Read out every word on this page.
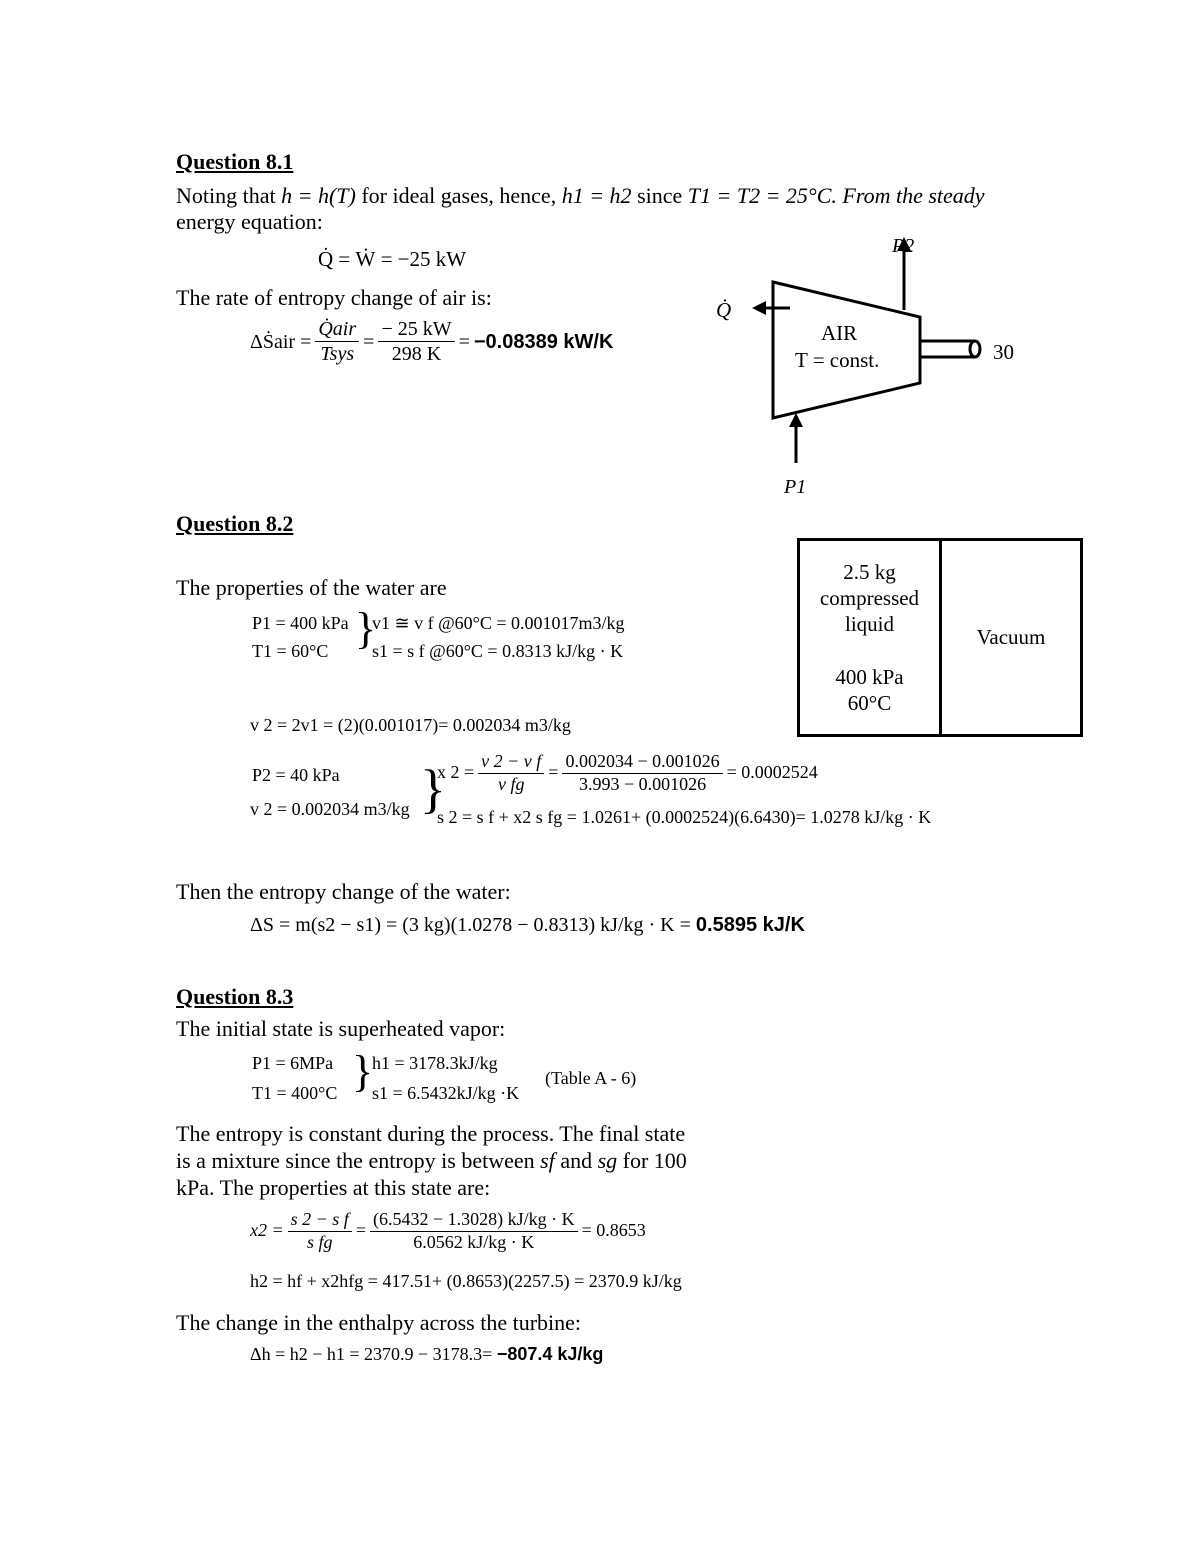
Question 8.1
Noting that h = h(T) for ideal gases, hence, h1 = h2 since T1 = T2 = 25°C. From the steady
energy equation:
Q̇ = Ẇ = −25 kW
The rate of entropy change of air is:
ΔṠair = $\frac{\text{Q̇air}}{\text{Tsys}} = \frac{- 25 kW}{298 K} = -0.08389$ kW/K
Q̇
P2
P1
AIR
T = const.	30
Question 8.2
The properties of the water are
P1 = 400 kPa
T1 = 60°C }
v1 ≅ v f @60°C = 0.001017m3/kg
s1 = s f @60°C = 0.8313 kJ/kg · K
v 2 = 2v1 = (2)(0.001017)= 0.002034 m3/kg
P2 = 40 kPa
v 2 = 0.002034 m3/kg }
x $2 = \frac{\text{v 2 − v f}}{\text{v fg}} = \frac{0.002034 - 0.001026}{3.993 - 0.001026} = 0.0002524$
s 2 = s f + x2 s fg = 1.0261+ (0.0002524)(6.6430)= 1.0278 kJ/kg · K
Then the entropy change of the water:
ΔS = m(s2 − s1) = (3 kg)(1.0278 − 0.8313) kJ/kg · K = 0.5895 kJ/K
2.5 kg
compressed
liquid
400 kPa
60°C
Vacuum
Question 8.3
The initial state is superheated vapor:
P1 = 6MPa
T1 = 400°C }
h1 = 3178.3kJ/kg
s1 = 6.5432kJ/kg ·K
(Table A - 6)
The entropy is constant during the process. The final state
is a mixture since the entropy is between sf and sg for 100
kPa. The properties at this state are:
$x2 = \frac{\text{s 2 − s f}}{\text{s fg}} = \frac{(6.5432 - 1.3028) kJ/kg \cdot K}{6.0562 kJ/kg \cdot K} = 0.8653$
h2 = hf + x2hfg = 417.51+ (0.8653)(2257.5) = 2370.9 kJ/kg
The change in the enthalpy across the turbine:
Δh = h2 − h1 = 2370.9 − 3178.3= −807.4 kJ/kg
